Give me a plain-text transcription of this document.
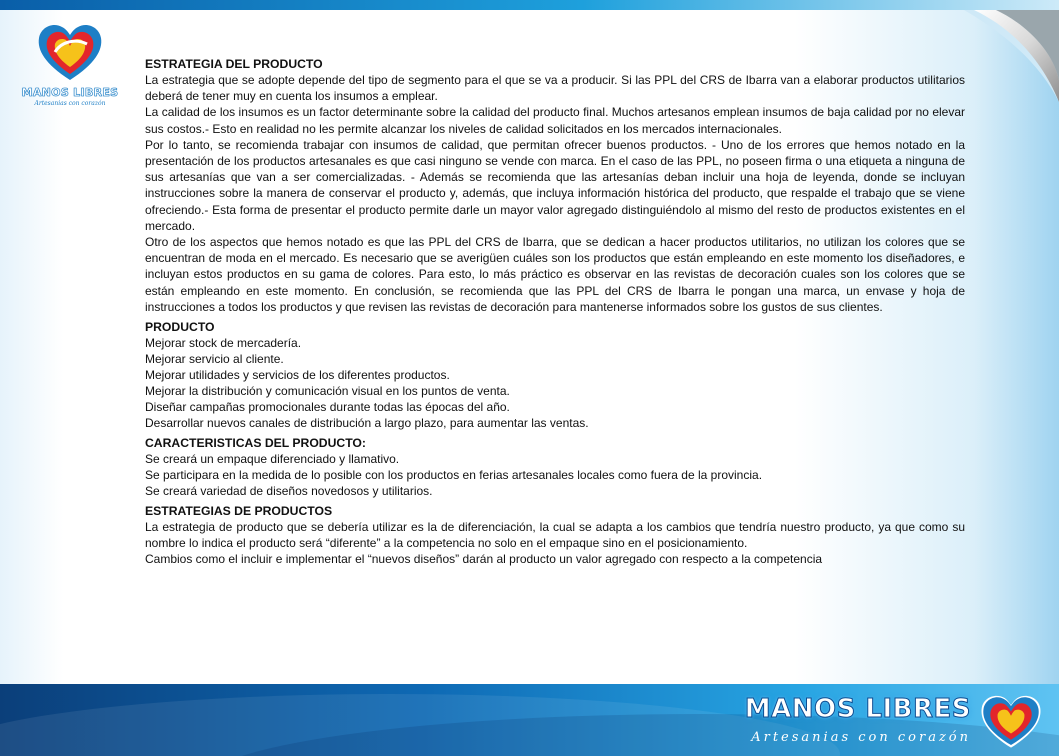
MANOS LIBRES
Artesanias con corazón
ESTRATEGIA DEL PRODUCTO

La estrategia que se adopte depende del tipo de segmento para el que se va a producir. Si las PPL del CRS de Ibarra van a elaborar productos utilitarios deberá de tener muy en cuenta los insumos a emplear.

La calidad de los insumos es un factor determinante sobre la calidad del producto final. Muchos artesanos emplean insumos de baja calidad por no elevar sus costos.- Esto en realidad no les permite alcanzar los niveles de calidad solicitados en los mercados internacionales.

Por lo tanto, se recomienda trabajar con insumos de calidad, que permitan ofrecer buenos productos. - Uno de los errores que hemos notado en la presentación de los productos artesanales es que casi ninguno se vende con marca. En el caso de las PPL, no poseen firma o una etiqueta a ninguna de sus artesanías que van a ser comercializadas. - Además se recomienda que las artesanías deban incluir una hoja de leyenda, donde se incluyan instrucciones sobre la manera de conservar el producto y, además, que incluya información histórica del producto, que respalde el trabajo que se viene ofreciendo.- Esta forma de presentar el producto permite darle un mayor valor agregado distinguiéndolo al mismo del resto de productos existentes en el mercado.

Otro de los aspectos que hemos notado es que las PPL del CRS de Ibarra, que se dedican a hacer productos utilitarios, no utilizan los colores que se encuentran de moda en el mercado. Es necesario que se averigüen cuáles son los productos que están empleando en este momento los diseñadores, e incluyan estos productos en su gama de colores. Para esto, lo más práctico es observar en las revistas de decoración cuales son los colores que se están empleando en este momento. En conclusión, se recomienda que las PPL del CRS de Ibarra le pongan una marca, un envase y hoja de instrucciones a todos los productos y que revisen las revistas de decoración para mantenerse informados sobre los gustos de sus clientes.

PRODUCTO

Mejorar stock de mercadería.

Mejorar servicio al cliente.

Mejorar utilidades y servicios de los diferentes productos.

Mejorar la distribución y comunicación visual en los puntos de venta.

Diseñar campañas promocionales durante todas las épocas del año.

Desarrollar nuevos canales de distribución a largo plazo, para aumentar las ventas.

CARACTERISTICAS DEL PRODUCTO:

Se creará un empaque diferenciado y llamativo.

Se participara en la medida de lo posible con los productos en ferias artesanales locales como fuera de la provincia.

Se creará variedad de diseños novedosos y utilitarios.

ESTRATEGIAS DE PRODUCTOS

La estrategia de producto que se debería utilizar es la de diferenciación, la cual se adapta a los cambios que tendría nuestro producto, ya que como su nombre lo indica el producto será “diferente” a la competencia no solo en el empaque sino en el posicionamiento.

Cambios como el incluir e implementar el “nuevos diseños” darán al producto un valor agregado con respecto a la competencia

MANOS LIBRES
Artesanias con corazón
